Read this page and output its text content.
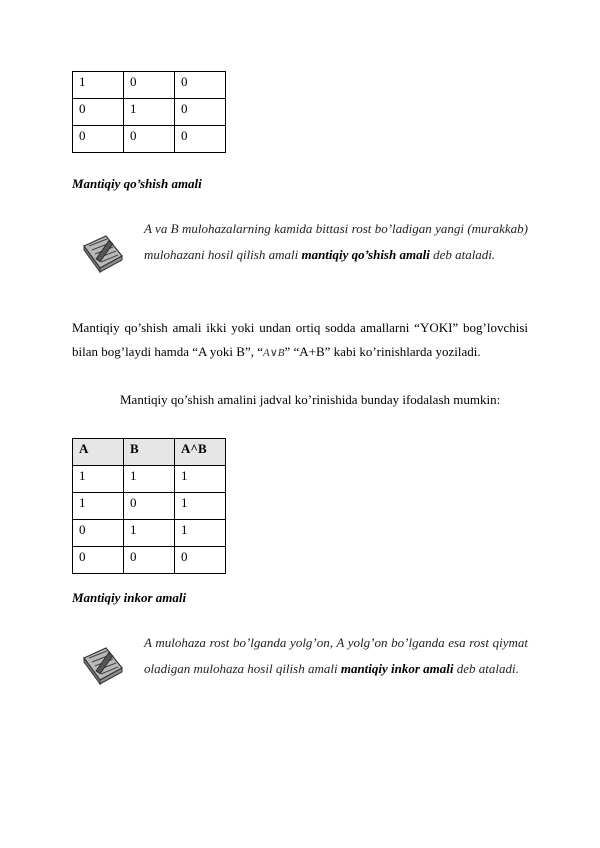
1	0	0
0	1	0
0	0	0
Mantiqiy qo’shish amali
A va B mulohazalarning kamida bittasi rost bo’ladigan yangi (murakkab) mulohazani hosil qilish amali mantiqiy qo’shish amali deb ataladi.
Mantiqiy qo’shish amali ikki yoki undan ortiq sodda amallarni “YOKI” bog’lovchisi bilan bog’laydi hamda “A yoki B”, “A∨B” “A+B” kabi ko’rinishlarda yoziladi.
Mantiqiy qo’shish amalini jadval ko’rinishida bunday ifodalash mumkin:
A	B	A^B
1	1	1
1	0	1
0	1	1
0	0	0
Mantiqiy inkor amali
A mulohaza rost bo’lganda yolg’on, A yolg’on bo’lganda esa rost qiymat oladigan mulohaza hosil qilish amali mantiqiy inkor amali deb ataladi.
